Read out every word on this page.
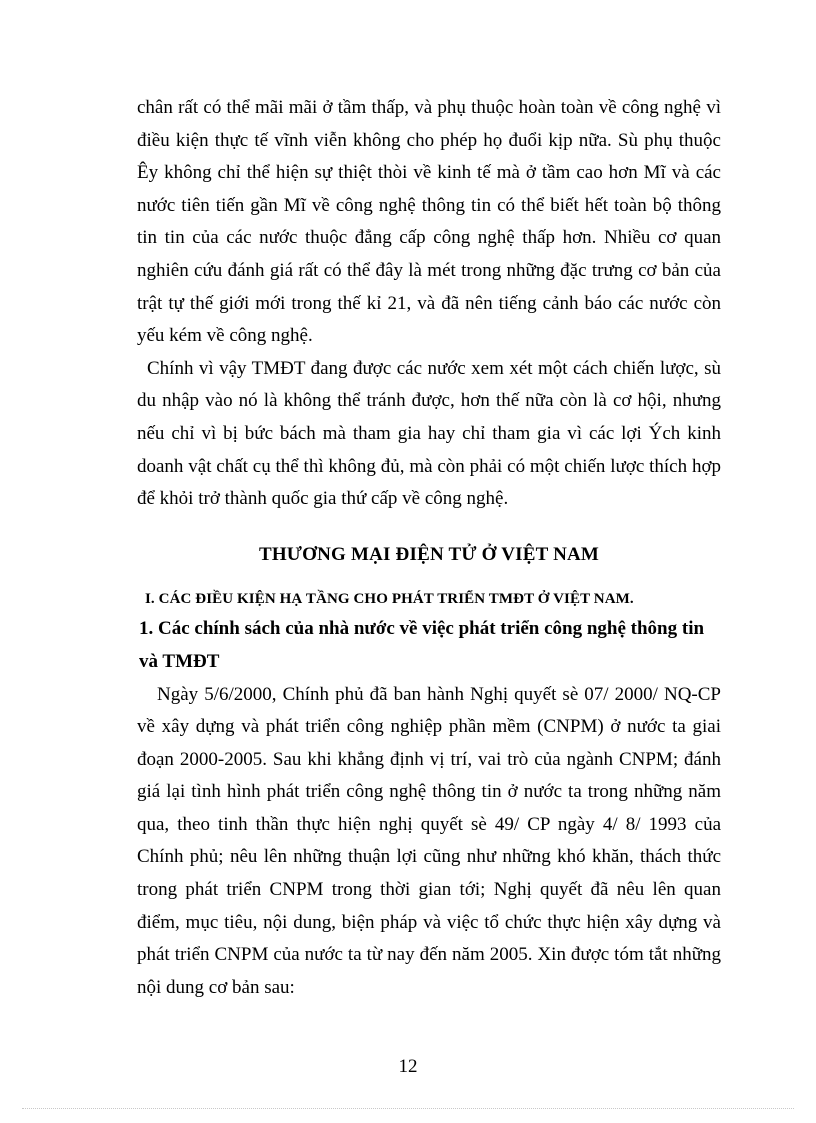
chân rất có thể mãi mãi ở tầm thấp, và phụ thuộc hoàn toàn về công nghệ vì điều kiện thực tế vĩnh viễn không cho phép họ đuổi kịp nữa. Sù phụ thuộc Êy không chỉ thể hiện sự thiệt thòi về kinh tế mà ở tầm cao hơn Mĩ và các nước tiên tiến gần Mĩ về công nghệ thông tin có thể biết hết toàn bộ thông tin tin của các nước thuộc đẳng cấp công nghệ thấp hơn. Nhiều cơ quan nghiên cứu đánh giá rất có thể đây là mét trong những đặc trưng cơ bản của trật tự thế giới mới trong thế kỉ 21, và đã nên tiếng cảnh báo các nước còn yếu kém về công nghệ.

Chính vì vậy TMĐT đang được các nước xem xét một cách chiến lược, sù du nhập vào nó là không thể tránh được, hơn thế nữa còn là cơ hội, nhưng nếu chỉ vì bị bức bách mà tham gia hay chỉ tham gia vì các lợi Ých kinh doanh vật chất cụ thể thì không đủ, mà còn phải có một chiến lược thích hợp để khỏi trở thành quốc gia thứ cấp về công nghệ.

THƯƠNG MẠI ĐIỆN TỬ Ở VIỆT NAM
I. CÁC ĐIỀU KIỆN HẠ TẦNG CHO PHÁT TRIỂN TMĐT Ở VIỆT NAM.
1. Các chính sách của nhà nước về việc phát triển công nghệ thông tin và TMĐT

Ngày 5/6/2000, Chính phủ đã ban hành Nghị quyết sè 07/ 2000/ NQ-CP về xây dựng và phát triển công nghiệp phần mềm (CNPM) ở nước ta giai đoạn 2000-2005. Sau khi khẳng định vị trí, vai trò của ngành CNPM; đánh giá lại tình hình phát triển công nghệ thông tin ở nước ta trong những năm qua, theo tinh thần thực hiện nghị quyết sè 49/ CP ngày 4/ 8/ 1993 của Chính phủ; nêu lên những thuận lợi cũng như những khó khăn, thách thức trong phát triển CNPM trong thời gian tới; Nghị quyết đã nêu lên quan điểm, mục tiêu, nội dung, biện pháp và việc tổ chức thực hiện xây dựng và phát triển CNPM của nước ta từ nay đến năm 2005. Xin được tóm tắt những nội dung cơ bản sau:

12
